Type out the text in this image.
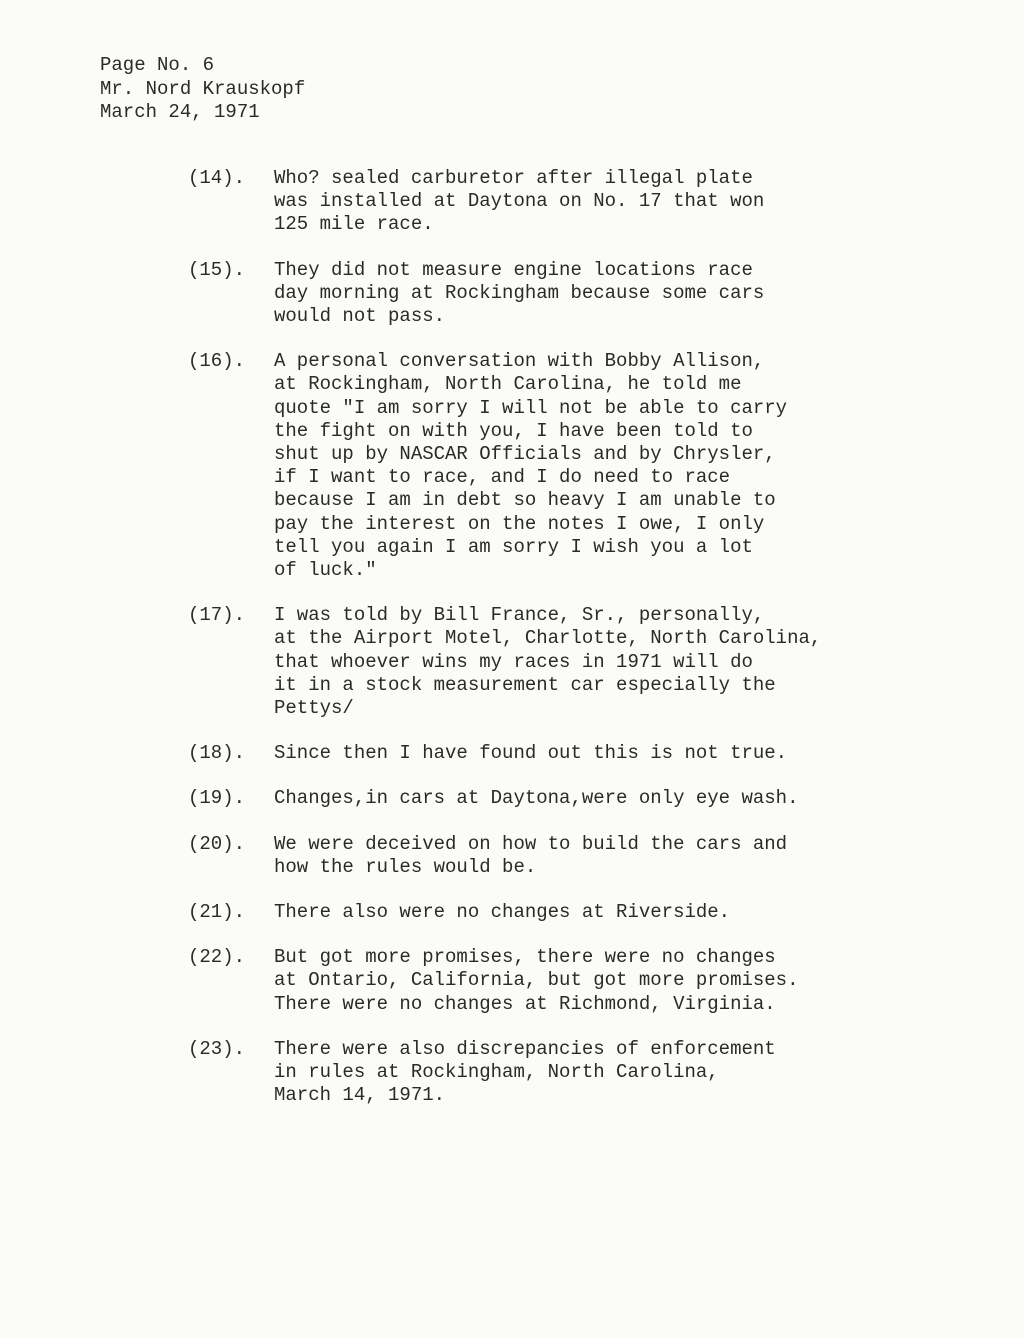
Page No. 6
Mr. Nord Krauskopf
March 24, 1971
(14).	Who? sealed carburetor after illegal plate
was installed at Daytona on No. 17 that won
125 mile race.
(15).	They did not measure engine locations race
day morning at Rockingham because some cars
would not pass.
(16).	A personal conversation with Bobby Allison,
at Rockingham, North Carolina, he told me
quote "I am sorry I will not be able to carry
the fight on with you, I have been told to
shut up by NASCAR Officials and by Chrysler,
if I want to race, and I do need to race
because I am in debt so heavy I am unable to
pay the interest on the notes I owe, I only
tell you again I am sorry I wish you a lot
of luck."
(17).	I was told by Bill France, Sr., personally,
at the Airport Motel, Charlotte, North Carolina,
that whoever wins my races in 1971 will do
it in a stock measurement car especially the
Pettys/
(18).	Since then I have found out this is not true.
(19).	Changes,in cars at Daytona,were only eye wash.
(20).	We were deceived on how to build the cars and
how the rules would be.
(21).	There also were no changes at Riverside.
(22).	But got more promises, there were no changes
at Ontario, California, but got more promises.
There were no changes at Richmond, Virginia.
(23).	There were also discrepancies of enforcement
in rules at Rockingham, North Carolina,
March 14, 1971.
